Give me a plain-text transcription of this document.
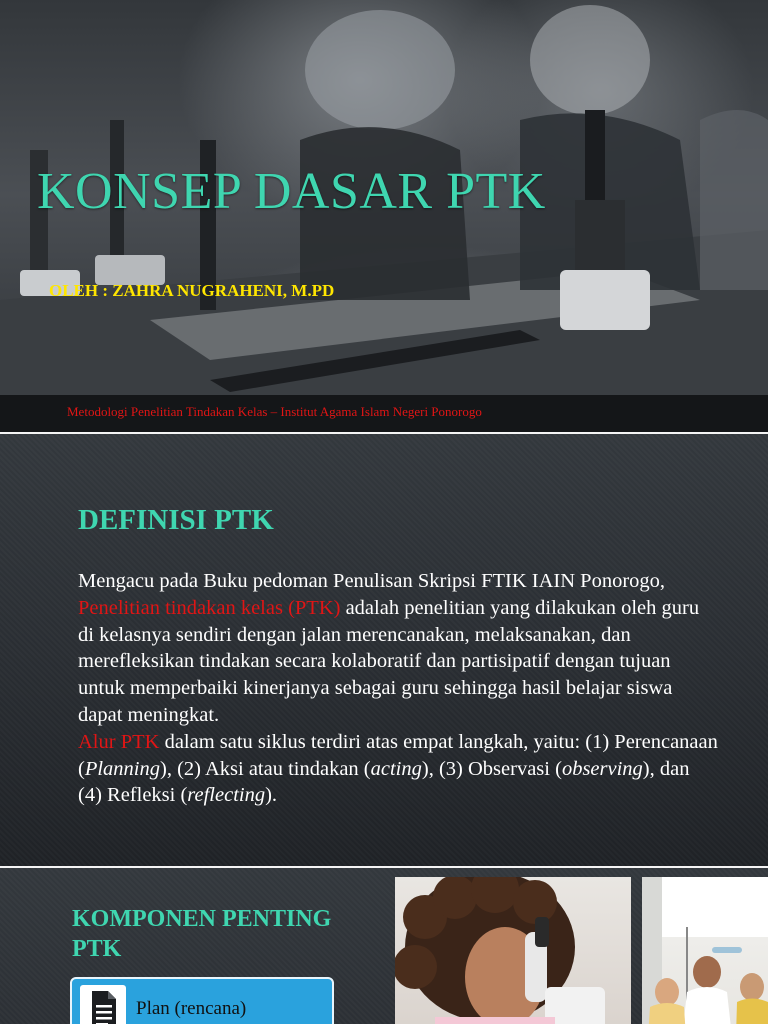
KONSEP DASAR PTK
OLEH : ZAHRA NUGRAHENI, M.PD
Metodologi Penelitian Tindakan Kelas – Institut Agama Islam Negeri Ponorogo
DEFINISI PTK
Mengacu pada Buku pedoman Penulisan Skripsi FTIK IAIN Ponorogo, Penelitian tindakan kelas (PTK) adalah penelitian yang dilakukan oleh guru di kelasnya sendiri dengan jalan merencanakan, melaksanakan, dan merefleksikan tindakan secara kolaboratif dan partisipatif dengan tujuan untuk memperbaiki kinerjanya sebagai guru sehingga hasil belajar siswa dapat meningkat.
Alur PTK dalam satu siklus terdiri atas empat langkah, yaitu: (1) Perencanaan (Planning), (2) Aksi atau tindakan (acting), (3) Observasi (observing), dan (4) Refleksi (reflecting).
KOMPONEN PENTING PTK
Plan (rencana)
